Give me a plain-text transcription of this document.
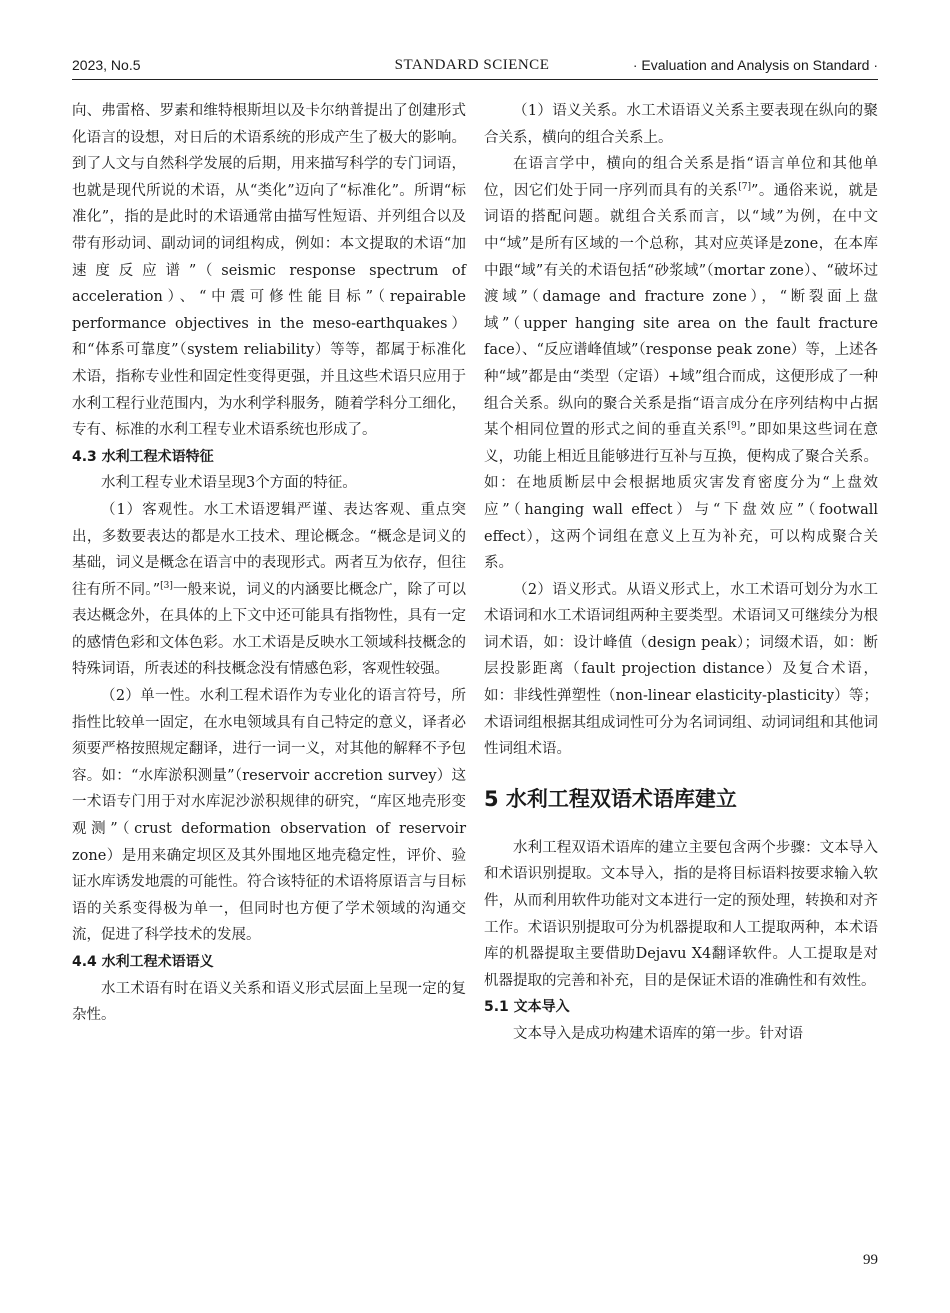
2023, No.5	STANDARD SCIENCE	· Evaluation and Analysis on Standard ·

向、弗雷格、罗素和维特根斯坦以及卡尔纳普提出了创建形式化语言的设想，对日后的术语系统的形成产生了极大的影响。到了人文与自然科学发展的后期，用来描写科学的专门词语，也就是现代所说的术语，从“类化”迈向了“标准化”。所谓“标准化”，指的是此时的术语通常由描写性短语、并列组合以及带有形动词、副动词的词组构成，例如：本文提取的术语“加速度反应谱”（seismic response spectrum of acceleration）、“中震可修性能目标”（repairable performance objectives in the meso-earthquakes）和“体系可靠度”（system reliability）等等，都属于标准化术语，指称专业性和固定性变得更强，并且这些术语只应用于水利工程行业范围内，为水利学科服务，随着学科分工细化，专有、标准的水利工程专业术语系统也形成了。

4.3 水利工程术语特征

水利工程专业术语呈现3个方面的特征。

（1）客观性。水工术语逻辑严谨、表达客观、重点突出，多数要表达的都是水工技术、理论概念。“概念是词义的基础，词义是概念在语言中的表现形式。两者互为依存，但往往有所不同。”[3]一般来说，词义的内涵要比概念广，除了可以表达概念外，在具体的上下文中还可能具有指物性，具有一定的感情色彩和文体色彩。水工术语是反映水工领域科技概念的特殊词语，所表述的科技概念没有情感色彩，客观性较强。

（2）单一性。水利工程术语作为专业化的语言符号，所指性比较单一固定，在水电领域具有自己特定的意义，译者必须要严格按照规定翻译，进行一词一义，对其他的解释不予包容。如：“水库淤积测量”（reservoir accretion survey）这一术语专门用于对水库泥沙淤积规律的研究，“库区地壳形变观测”（crust deformation observation of reservoir zone）是用来确定坝区及其外围地区地壳稳定性，评价、验证水库诱发地震的可能性。符合该特征的术语将原语言与目标语的关系变得极为单一，但同时也方便了学术领域的沟通交流，促进了科学技术的发展。

4.4 水利工程术语语义

水工术语有时在语义关系和语义形式层面上呈现一定的复杂性。

（1）语义关系。水工术语语义关系主要表现在纵向的聚合关系，横向的组合关系上。

在语言学中，横向的组合关系是指“语言单位和其他单位，因它们处于同一序列而具有的关系[7]”。通俗来说，就是词语的搭配问题。就组合关系而言，以“域”为例，在中文中“域”是所有区域的一个总称，其对应英译是zone，在本库中跟“域”有关的术语包括“砂浆域”（mortar zone）、“破坏过渡域”（damage and fracture zone），“断裂面上盘域”（upper hanging site area on the fault fracture face）、“反应谱峰值域”（response peak zone）等，上述各种“域”都是由“类型（定语）+域”组合而成，这便形成了一种组合关系。纵向的聚合关系是指“语言成分在序列结构中占据某个相同位置的形式之间的垂直关系[9]。”即如果这些词在意义，功能上相近且能够进行互补与互换，便构成了聚合关系。如：在地质断层中会根据地质灾害发育密度分为“上盘效应”（hanging wall effect）与“下盘效应”（footwall effect），这两个词组在意义上互为补充，可以构成聚合关系。

（2）语义形式。从语义形式上，水工术语可划分为水工术语词和水工术语词组两种主要类型。术语词又可继续分为根词术语，如：设计峰值（design peak）；词缀术语，如：断层投影距离（fault projection distance）及复合术语，如：非线性弹塑性（non-linear elasticity-plasticity）等；术语词组根据其组成词性可分为名词词组、动词词组和其他词性词组术语。

5 水利工程双语术语库建立

水利工程双语术语库的建立主要包含两个步骤：文本导入和术语识别提取。文本导入，指的是将目标语料按要求输入软件，从而利用软件功能对文本进行一定的预处理，转换和对齐工作。术语识别提取可分为机器提取和人工提取两种，本术语库的机器提取主要借助Dejavu X4翻译软件。人工提取是对机器提取的完善和补充，目的是保证术语的准确性和有效性。

5.1 文本导入

文本导入是成功构建术语库的第一步。针对语

99
